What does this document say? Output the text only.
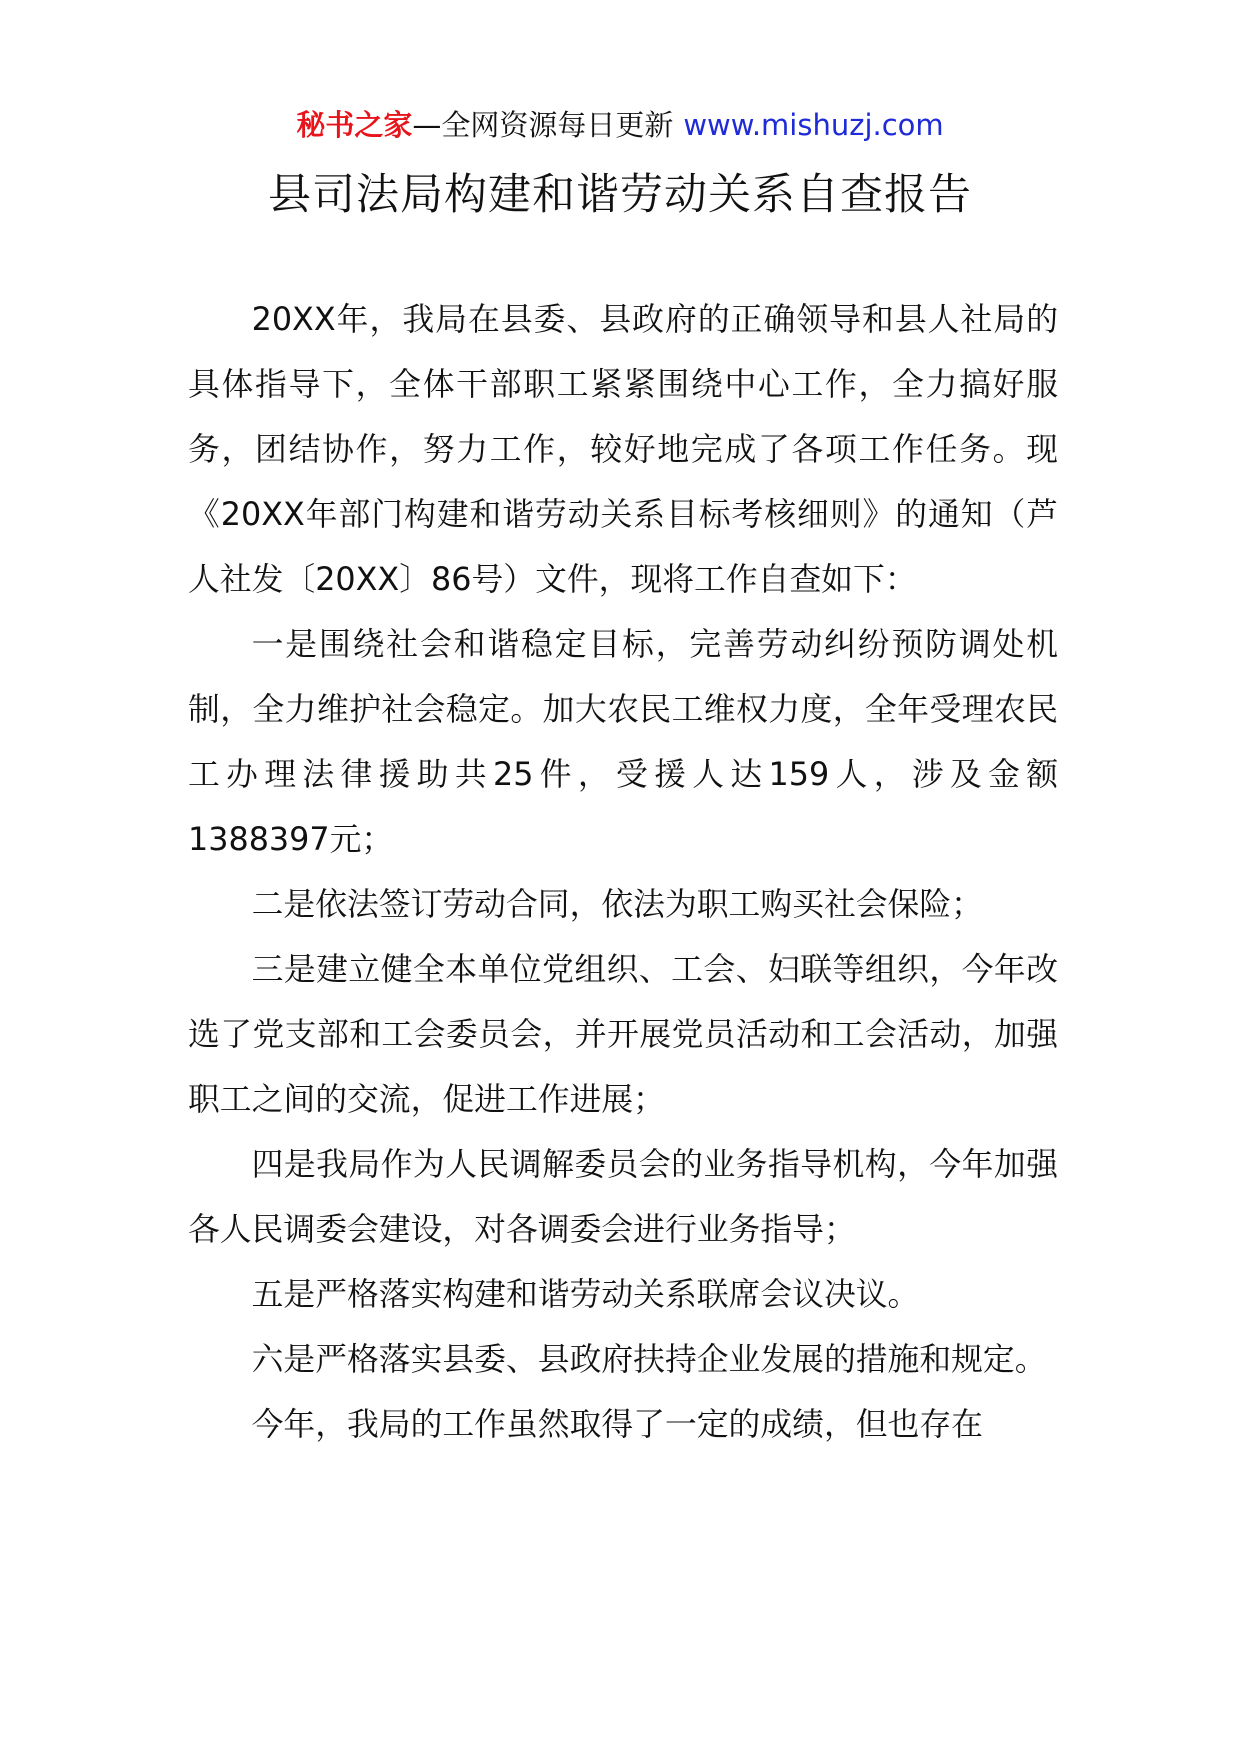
秘书之家—全网资源每日更新 www.mishuzj.com
县司法局构建和谐劳动关系自查报告

20XX年，我局在县委、县政府的正确领导和县人社局的具体指导下，全体干部职工紧紧围绕中心工作，全力搞好服务，团结协作，努力工作，较好地完成了各项工作任务。现《20XX年部门构建和谐劳动关系目标考核细则》的通知（芦人社发〔20XX〕86号）文件，现将工作自查如下：

一是围绕社会和谐稳定目标，完善劳动纠纷预防调处机制，全力维护社会稳定。加大农民工维权力度，全年受理农民工办理法律援助共25件，受援人达159人，涉及金额1388397元；

二是依法签订劳动合同，依法为职工购买社会保险；

三是建立健全本单位党组织、工会、妇联等组织，今年改选了党支部和工会委员会，并开展党员活动和工会活动，加强职工之间的交流，促进工作进展；

四是我局作为人民调解委员会的业务指导机构，今年加强各人民调委会建设，对各调委会进行业务指导；

五是严格落实构建和谐劳动关系联席会议决议。

六是严格落实县委、县政府扶持企业发展的措施和规定。

今年，我局的工作虽然取得了一定的成绩，但也存在
